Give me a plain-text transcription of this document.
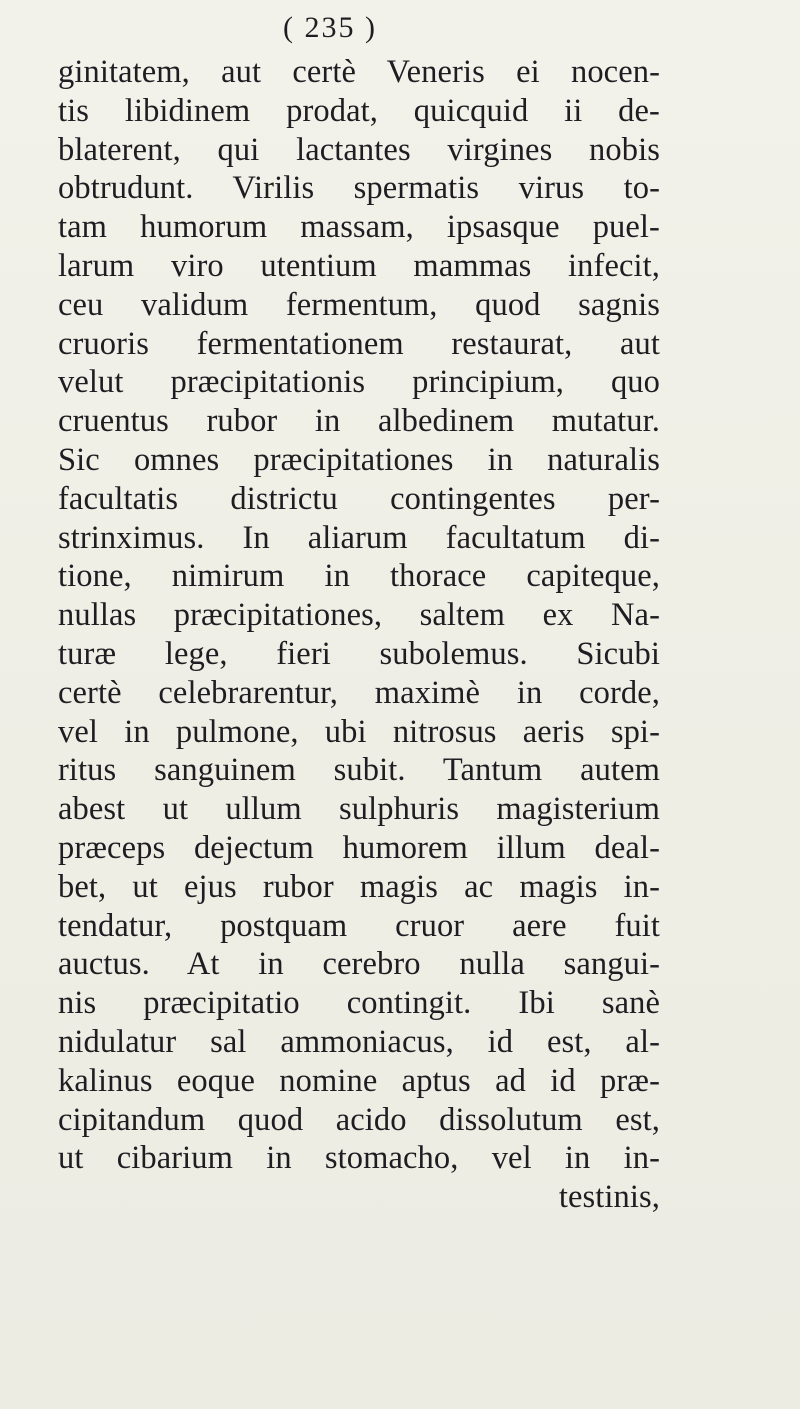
( 235 )
ginitatem, aut certè Veneris ei nocen-
tis libidinem prodat, quicquid ii de-
blaterent, qui lactantes virgines nobis
obtrudunt. Virilis spermatis virus to-
tam humorum massam, ipsasque puel-
larum viro utentium mammas infecit,
ceu validum fermentum, quod sagnis
cruoris fermentationem restaurat, aut
velut præcipitationis principium, quo
cruentus rubor in albedinem mutatur.
Sic omnes præcipitationes in naturalis
facultatis districtu contingentes per-
strinximus. In aliarum facultatum di-
tione, nimirum in thorace capiteque,
nullas præcipitationes, saltem ex Na-
turæ lege, fieri subolemus. Sicubi
certè celebrarentur, maximè in corde,
vel in pulmone, ubi nitrosus aeris spi-
ritus sanguinem subit. Tantum autem
abest ut ullum sulphuris magisterium
præceps dejectum humorem illum deal-
bet, ut ejus rubor magis ac magis in-
tendatur, postquam cruor aere fuit
auctus. At in cerebro nulla sangui-
nis præcipitatio contingit. Ibi sanè
nidulatur sal ammoniacus, id est, al-
kalinus eoque nomine aptus ad id præ-
cipitandum quod acido dissolutum est,
ut cibarium in stomacho, vel in in-
testinis,
